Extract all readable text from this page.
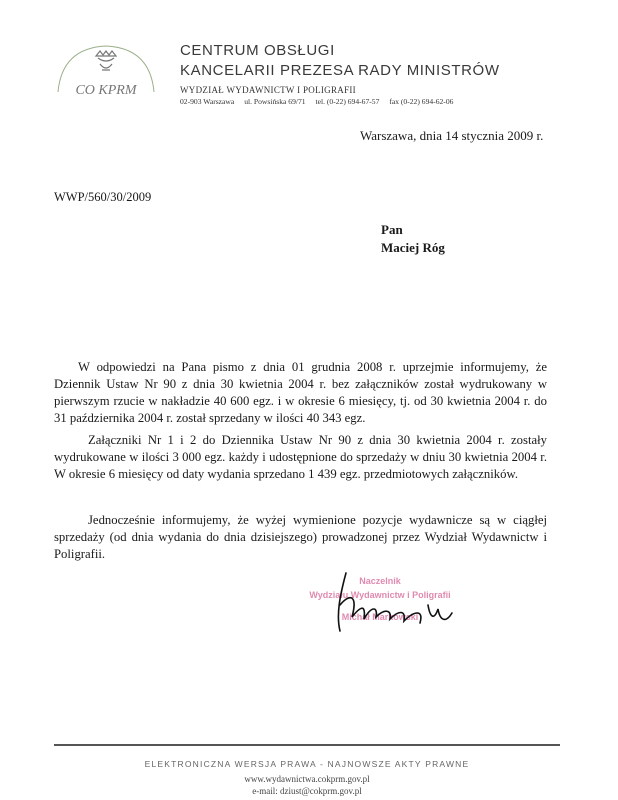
CO KPRM
CENTRUM OBSŁUGI
KANCELARII PREZESA RADY MINISTRÓW
WYDZIAŁ WYDAWNICTW I POLIGRAFII
02-903 Warszawa ul. Powsińska 69/71 tel. (0-22) 694-67-57 fax (0-22) 694-62-06
Warszawa, dnia 14 stycznia 2009 r.
WWP/560/30/2009
Pan
Maciej Róg
W odpowiedzi na Pana pismo z dnia 01 grudnia 2008 r. uprzejmie informujemy, że Dziennik Ustaw Nr 90 z dnia 30 kwietnia 2004 r. bez załączników został wydrukowany w pierwszym rzucie w nakładzie 40 600 egz. i w okresie 6 miesięcy, tj. od 30 kwietnia 2004 r. do 31 października 2004 r. został sprzedany w ilości 40 343 egz.
Załączniki Nr 1 i 2 do Dziennika Ustaw Nr 90 z dnia 30 kwietnia 2004 r. zostały wydrukowane w ilości 3 000 egz. każdy i udostępnione do sprzedaży w dniu 30 kwietnia 2004 r. W okresie 6 miesięcy od daty wydania sprzedano 1 439 egz. przedmiotowych załączników.
Jednocześnie informujemy, że wyżej wymienione pozycje wydawnicze są w ciągłej sprzedaży (od dnia wydania do dnia dzisiejszego) prowadzonej przez Wydział Wydawnictw i Poligrafii.
Naczelnik
Wydziału Wydawnictw i Poligrafii
Michał Markowski
ELEKTRONICZNA WERSJA PRAWA - NAJNOWSZE AKTY PRAWNE
www.wydawnictwa.cokprm.gov.pl
e-mail: dziust@cokprm.gov.pl
